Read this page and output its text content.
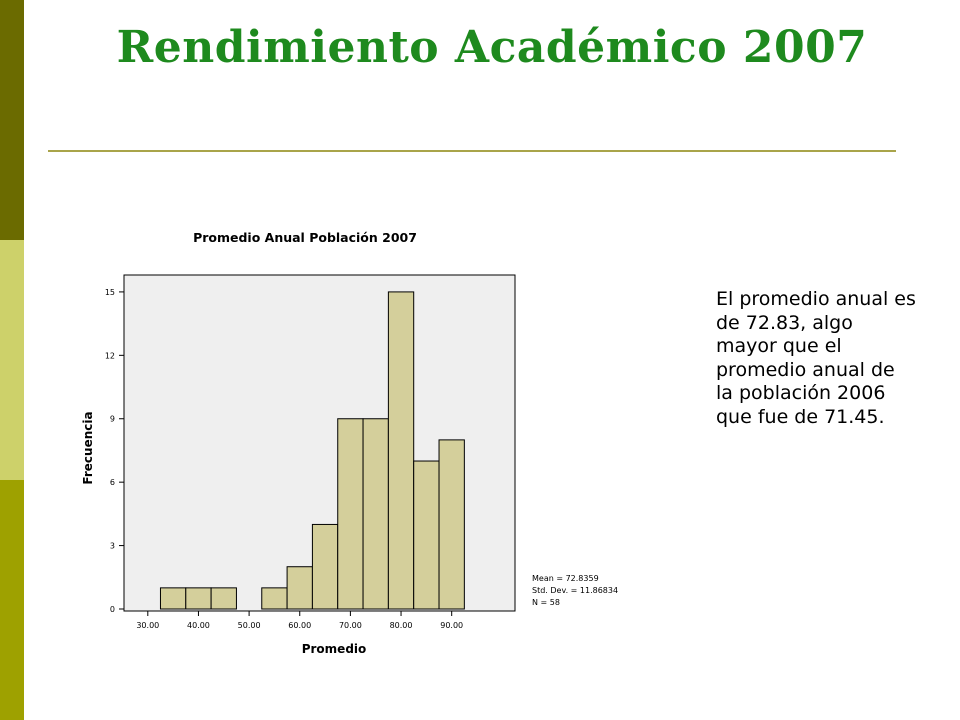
Rendimiento Académico 2007
Promedio Anual Población 2007
0
3
6
9
12
15
30.00	40.00	50.00	60.00	70.00	80.00	90.00
Promedio
Frecuencia
Mean = 72.8359
Std. Dev. = 11.86834
N = 58

El promedio anual es de 72.83, algo mayor que el promedio anual de la población 2006 que fue de 71.45.
